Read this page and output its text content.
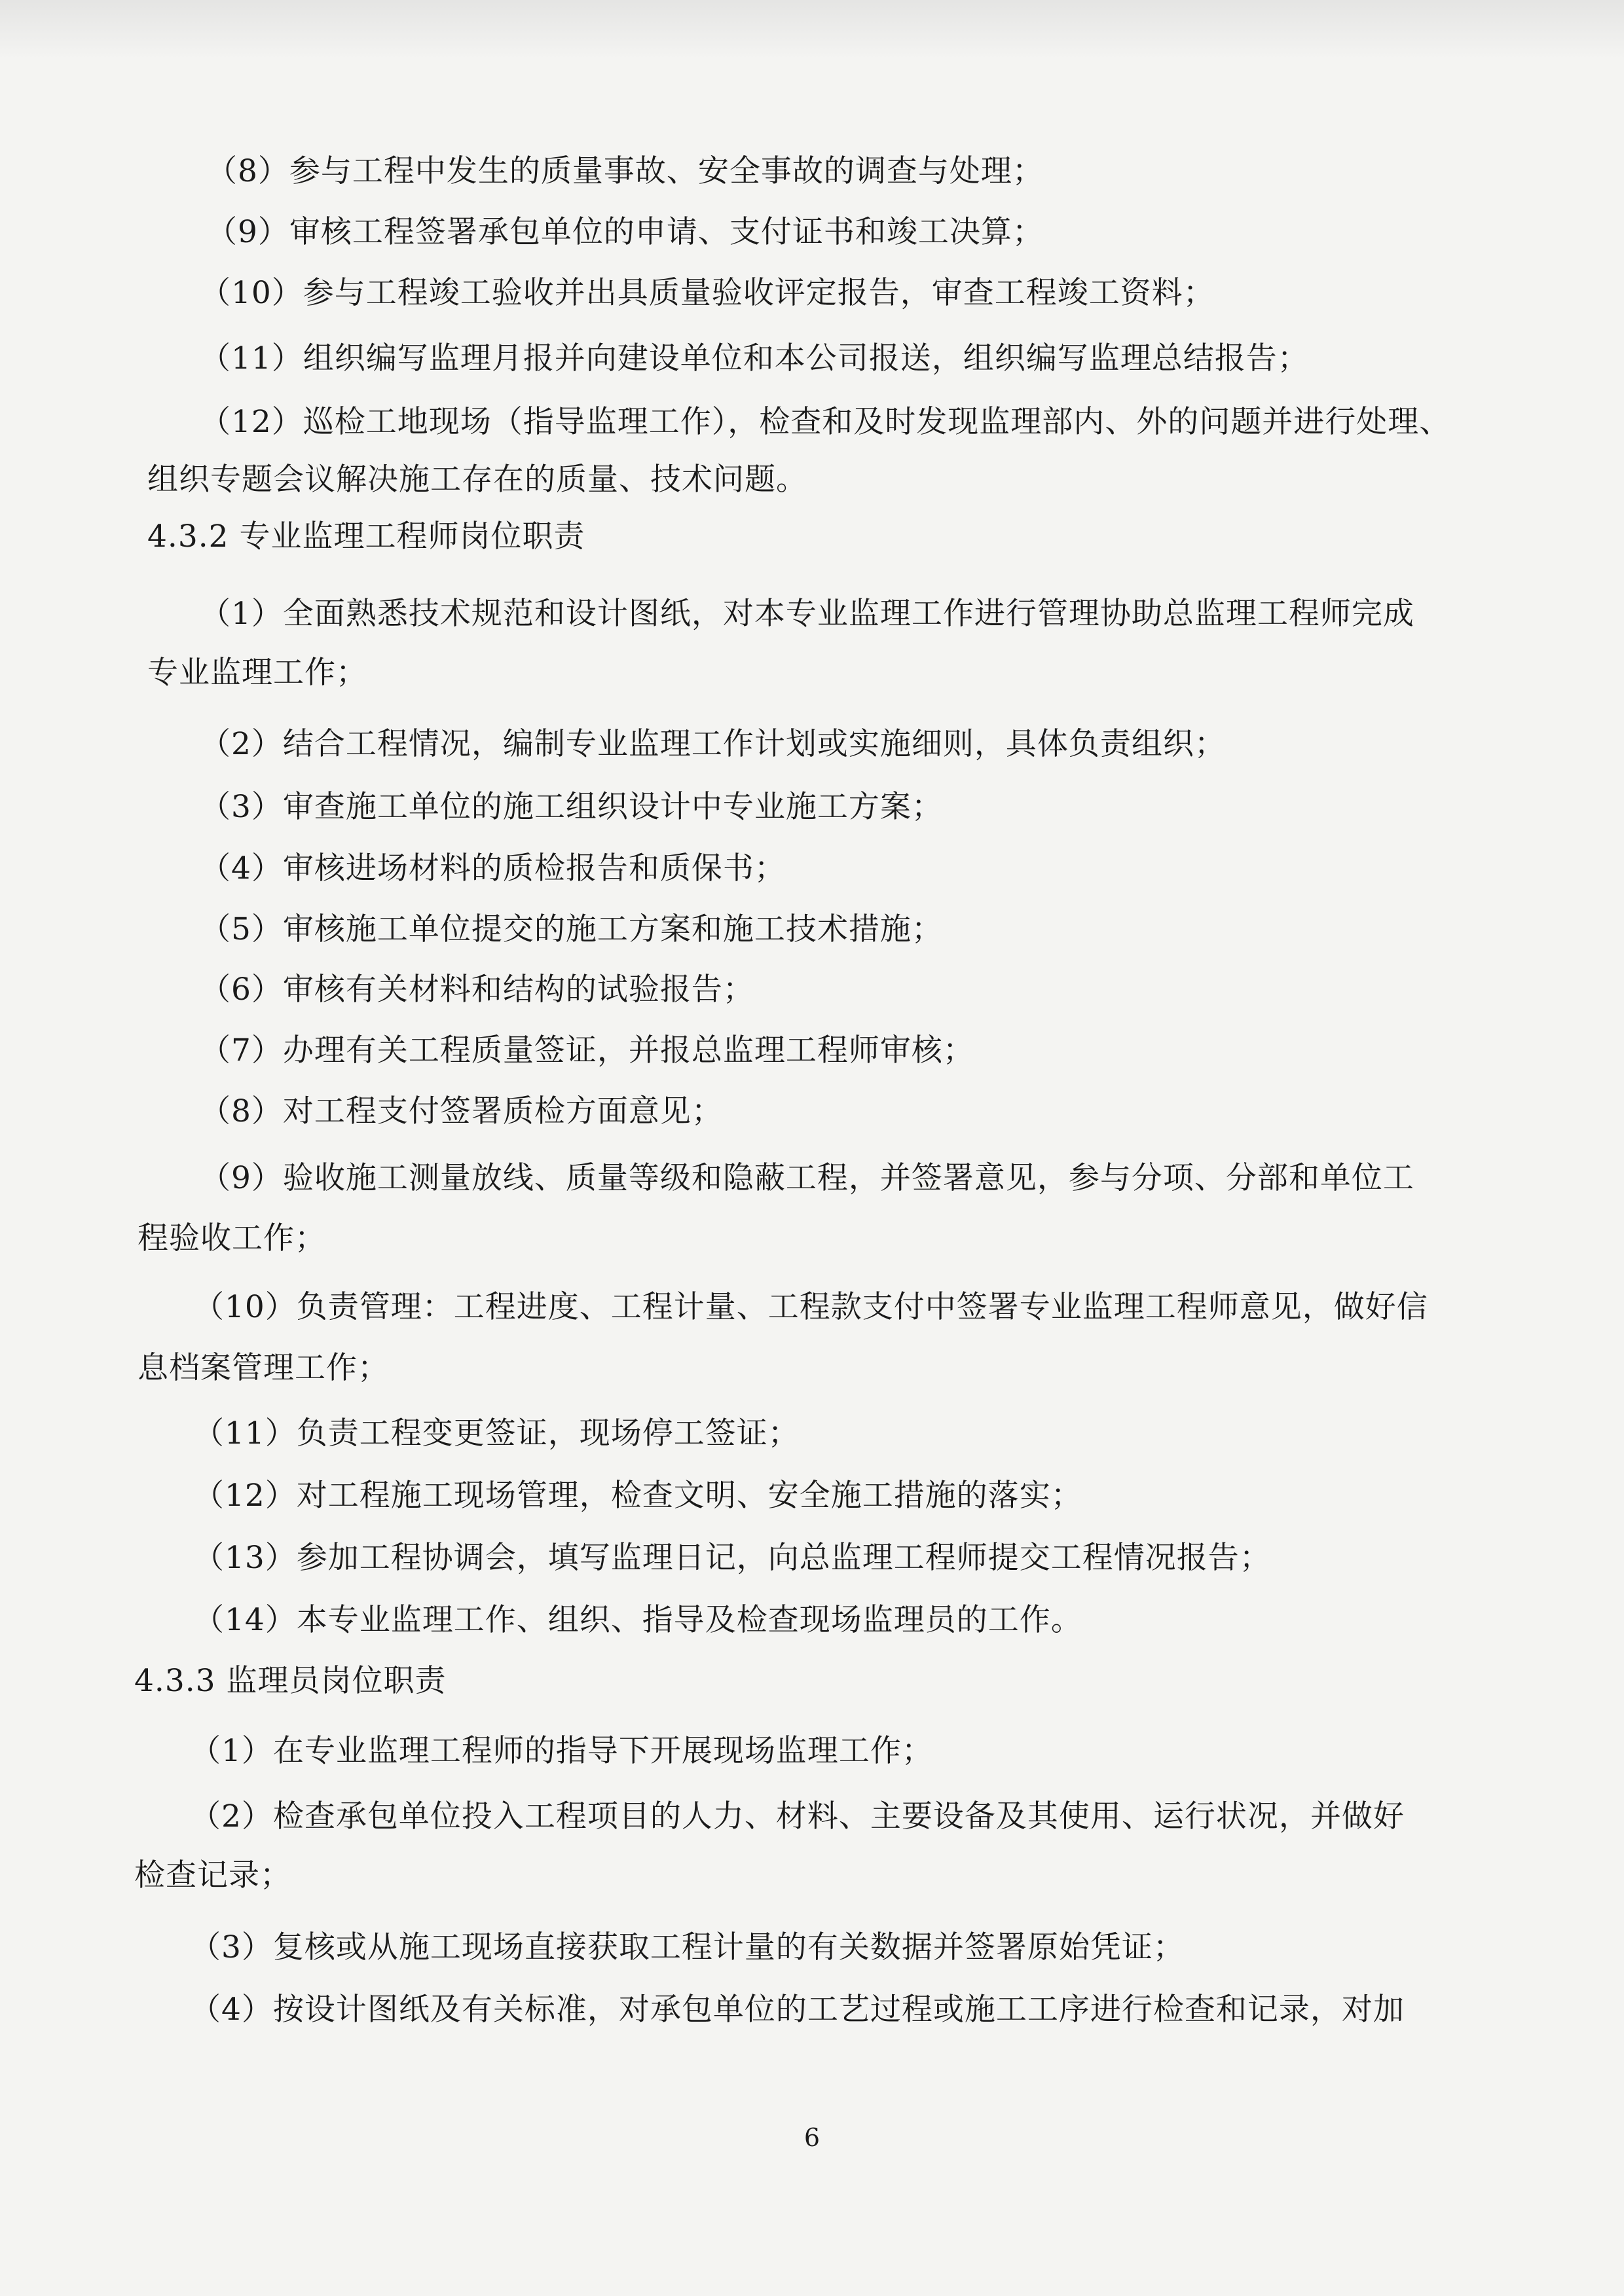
（8）参与工程中发生的质量事故、安全事故的调查与处理；
（9）审核工程签署承包单位的申请、支付证书和竣工决算；
（10）参与工程竣工验收并出具质量验收评定报告，审查工程竣工资料；
（11）组织编写监理月报并向建设单位和本公司报送，组织编写监理总结报告；
（12）巡检工地现场（指导监理工作），检查和及时发现监理部内、外的问题并进行处理、
组织专题会议解决施工存在的质量、技术问题。
4.3.2 专业监理工程师岗位职责
（1）全面熟悉技术规范和设计图纸，对本专业监理工作进行管理协助总监理工程师完成
专业监理工作；
（2）结合工程情况，编制专业监理工作计划或实施细则，具体负责组织；
（3）审查施工单位的施工组织设计中专业施工方案；
（4）审核进场材料的质检报告和质保书；
（5）审核施工单位提交的施工方案和施工技术措施；
（6）审核有关材料和结构的试验报告；
（7）办理有关工程质量签证，并报总监理工程师审核；
（8）对工程支付签署质检方面意见；
（9）验收施工测量放线、质量等级和隐蔽工程，并签署意见，参与分项、分部和单位工
程验收工作；
（10）负责管理：工程进度、工程计量、工程款支付中签署专业监理工程师意见，做好信
息档案管理工作；
（11）负责工程变更签证，现场停工签证；
（12）对工程施工现场管理，检查文明、安全施工措施的落实；
（13）参加工程协调会，填写监理日记，向总监理工程师提交工程情况报告；
（14）本专业监理工作、组织、指导及检查现场监理员的工作。
4.3.3 监理员岗位职责
（1）在专业监理工程师的指导下开展现场监理工作；
（2）检查承包单位投入工程项目的人力、材料、主要设备及其使用、运行状况，并做好
检查记录；
（3）复核或从施工现场直接获取工程计量的有关数据并签署原始凭证；
（4）按设计图纸及有关标准，对承包单位的工艺过程或施工工序进行检查和记录，对加
6
